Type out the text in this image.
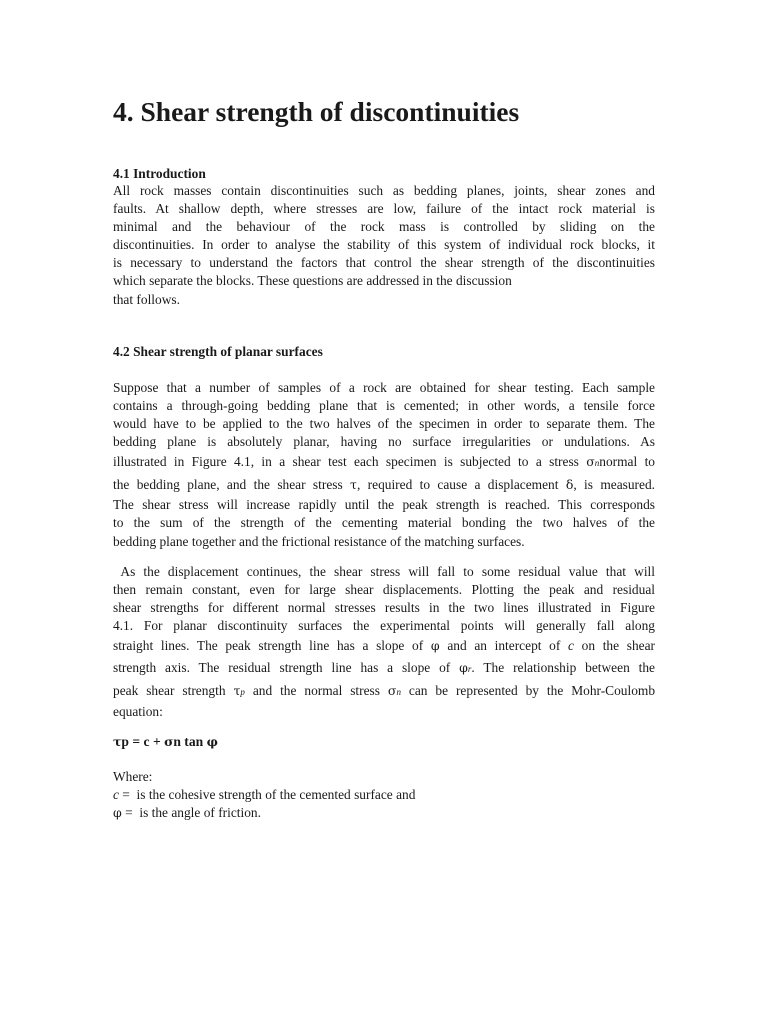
4. Shear strength of discontinuities
4.1 Introduction
All rock masses contain discontinuities such as bedding planes, joints, shear zones and
faults. At shallow depth, where stresses are low, failure of the intact rock material is
minimal and the behaviour of the rock mass is controlled by sliding on the
discontinuities. In order to analyse the stability of this system of individual rock blocks, it
is necessary to understand the factors that control the shear strength of the discontinuities
which separate the blocks. These questions are addressed in the discussion
that follows.
4.2 Shear strength of planar surfaces
Suppose that a number of samples of a rock are obtained for shear testing. Each sample
contains a through-going bedding plane that is cemented; in other words, a tensile force
would have to be applied to the two halves of the specimen in order to separate them. The
bedding plane is absolutely planar, having no surface irregularities or undulations. As
illustrated in Figure 4.1, in a shear test each specimen is subjected to a stress σnnormal to
the bedding plane, and the shear stress τ, required to cause a displacement δ, is measured.
The shear stress will increase rapidly until the peak strength is reached. This corresponds
to the sum of the strength of the cementing material bonding the two halves of the
bedding plane together and the frictional resistance of the matching surfaces.
As the displacement continues, the shear stress will fall to some residual value that will
then remain constant, even for large shear displacements. Plotting the peak and residual
shear strengths for different normal stresses results in the two lines illustrated in Figure
4.1. For planar discontinuity surfaces the experimental points will generally fall along
straight lines. The peak strength line has a slope of φ and an intercept of c on the shear
strength axis. The residual strength line has a slope of φr. The relationship between the
peak shear strength τp and the normal stress σn can be represented by the Mohr-Coulomb
equation:
τp = c + σn tan φ
Where:
c =  is the cohesive strength of the cemented surface and
φ =  is the angle of friction.
